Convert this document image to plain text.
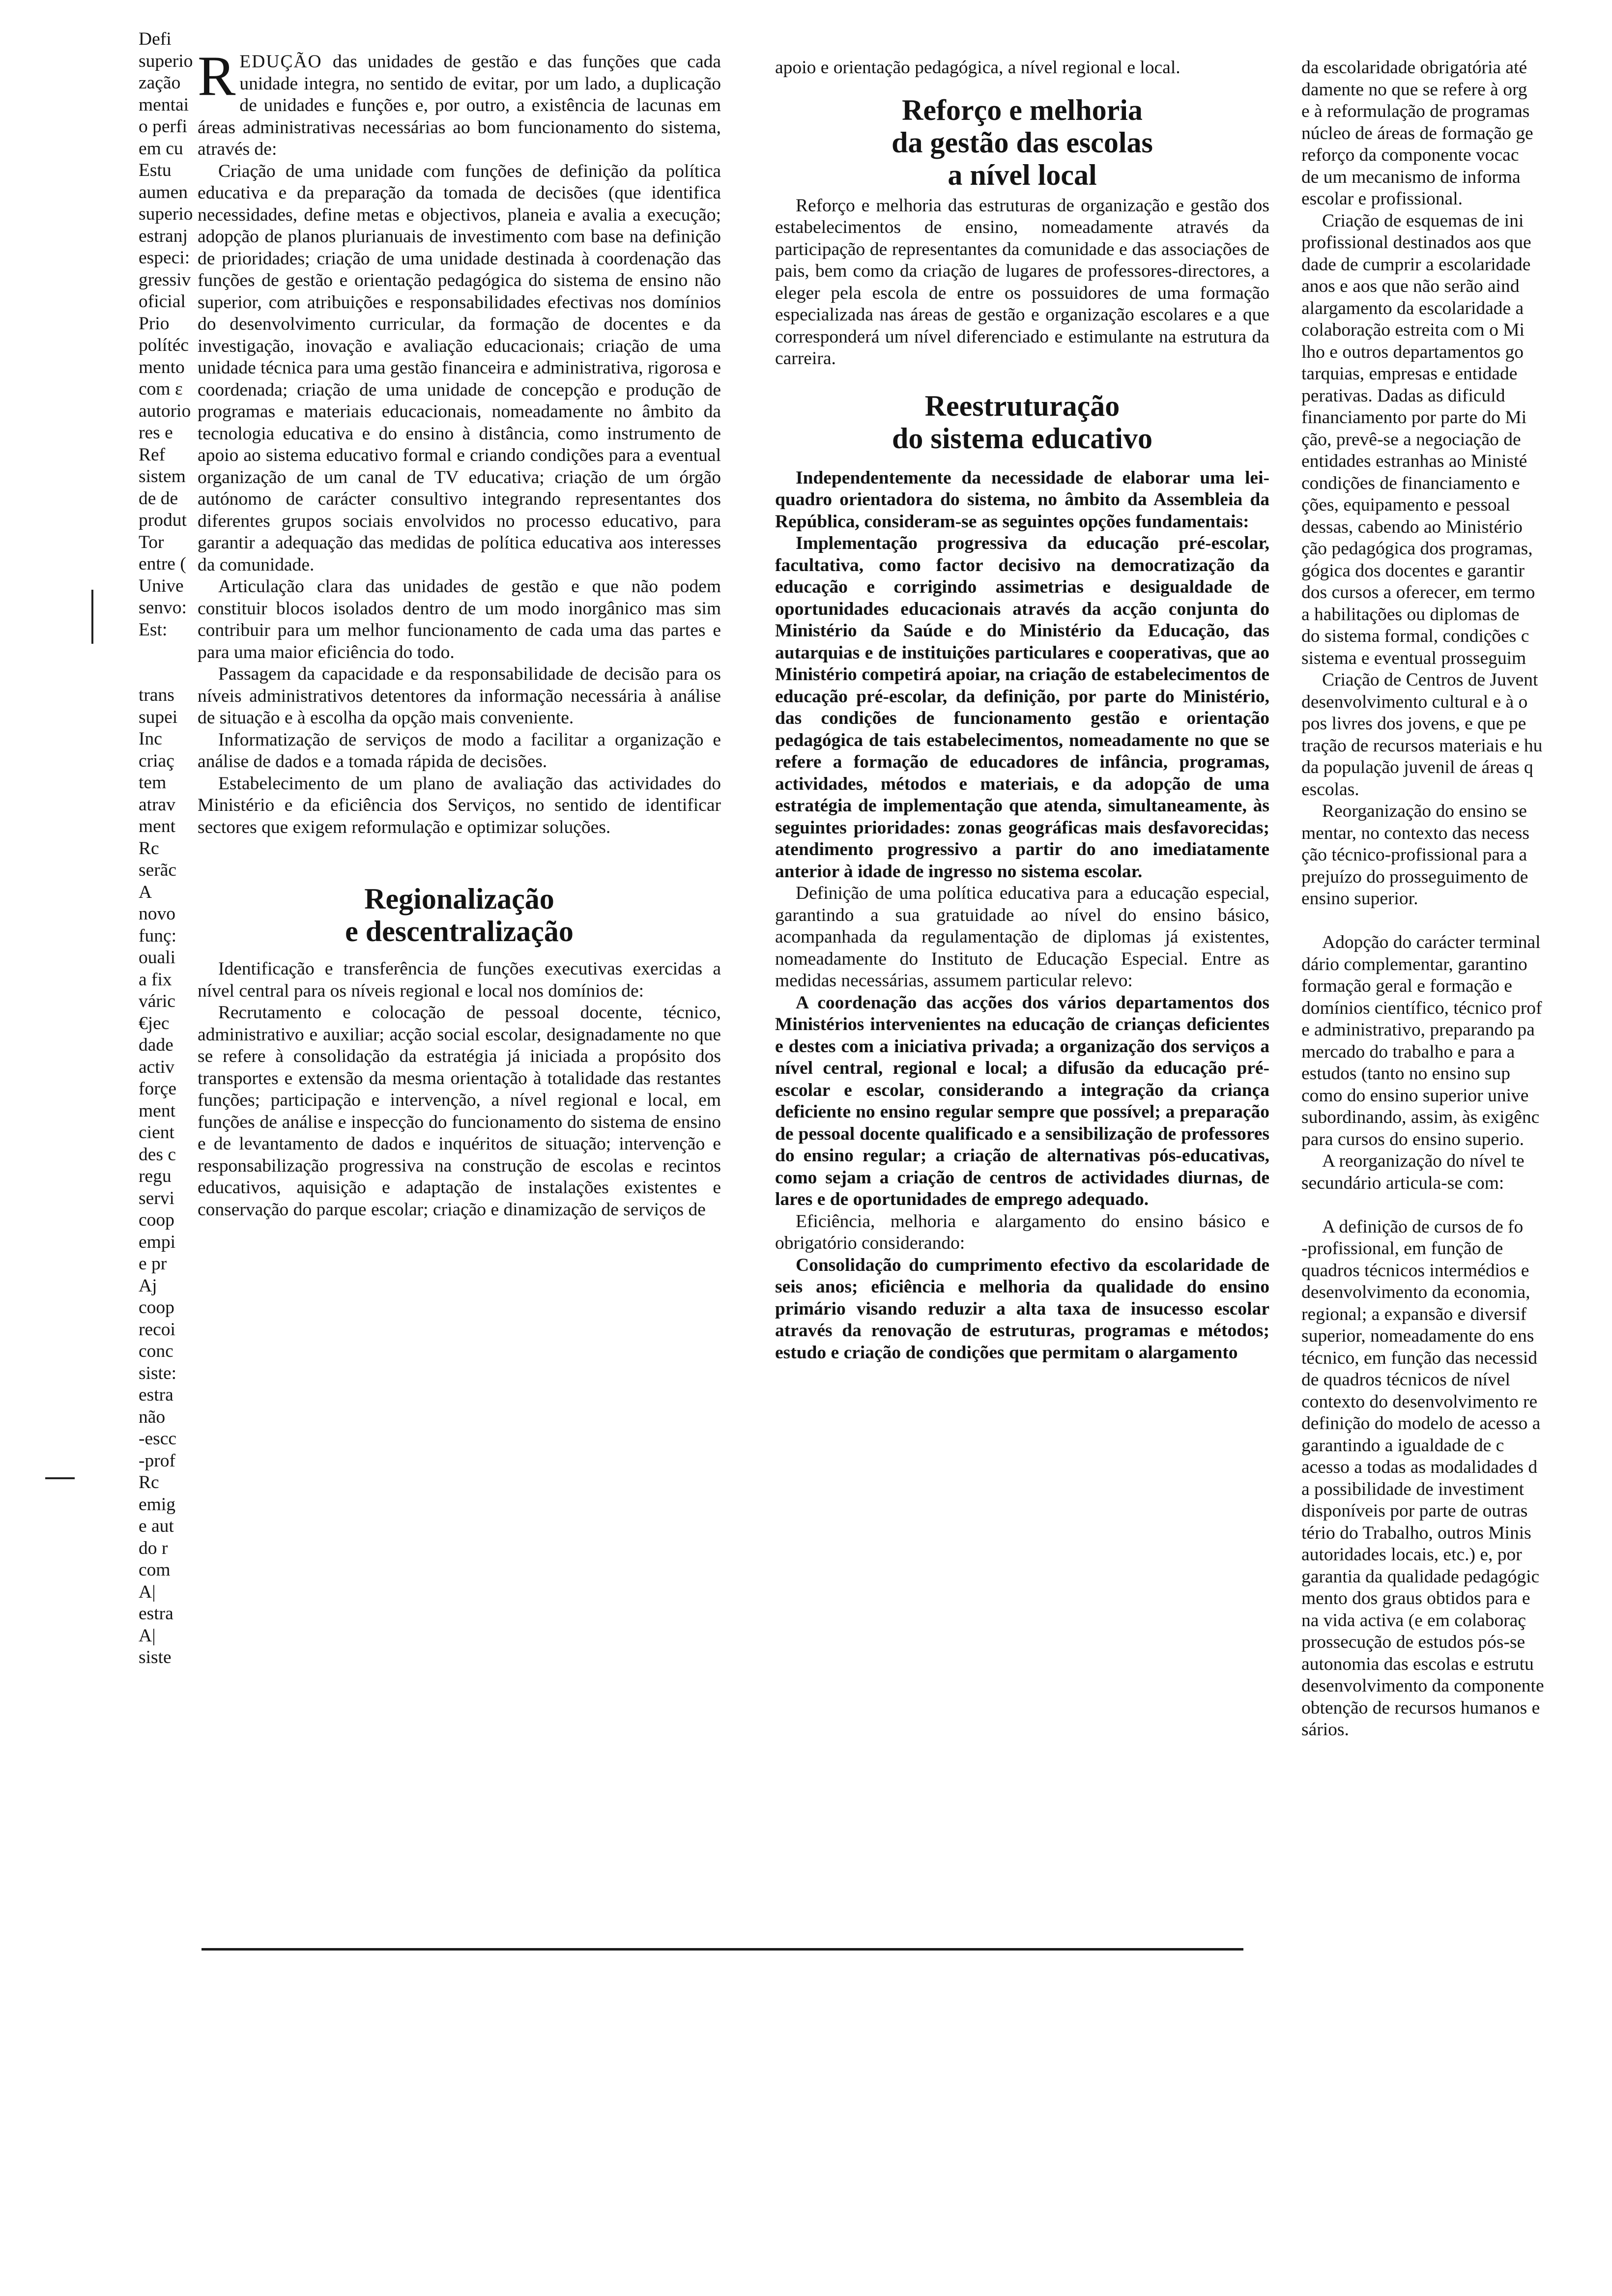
Defi
superio
zação
mentai
o perfi
em cu
Estu
aumen
superio
estranj
especi:
gressiv
oficial
Prio
polítéc
mento
com ε
autorio
res e
Ref
sistem
de de
produt
Tor
entre (
Unive
senvo:
Est:
trans
supei
Inc
criaç
tem
atrav
ment
Rc
serãc
A
novo
funç:
ouali
a fix
váric
€jec
dade
activ
forçe
ment
cient
des c
regu
servi
coop
empi
e pr
Aj
coop
recoi
conc
siste:
estra
não
-escc
-prof
Rc
emig
e aut
do r
com
A|
estra
A|
siste

REDUÇÃO das unidades de gestão e das funções que cada unidade integra, no sentido de evitar, por um lado, a duplicação de unidades e funções e, por outro, a existência de lacunas em áreas administrativas necessárias ao bom funcionamento do sistema, através de:

Criação de uma unidade com funções de definição da política educativa e da preparação da tomada de decisões (que identifica necessidades, define metas e objectivos, planeia e avalia a execução; adopção de planos plurianuais de investimento com base na definição de prioridades; criação de uma unidade destinada à coordenação das funções de gestão e orientação pedagógica do sistema de ensino não superior, com atribuições e responsabilidades efectivas nos domínios do desenvolvimento curricular, da formação de docentes e da investigação, inovação e avaliação educacionais; criação de uma unidade técnica para uma gestão financeira e administrativa, rigorosa e coordenada; criação de uma unidade de concepção e produção de programas e materiais educacionais, nomeadamente no âmbito da tecnologia educativa e do ensino à distância, como instrumento de apoio ao sistema educativo formal e criando condições para a eventual organização de um canal de TV educativa; criação de um órgão autónomo de carácter consultivo integrando representantes dos diferentes grupos sociais envolvidos no processo educativo, para garantir a adequação das medidas de política educativa aos interesses da comunidade.

Articulação clara das unidades de gestão e que não podem constituir blocos isolados dentro de um modo inorgânico mas sim contribuir para um melhor funcionamento de cada uma das partes e para uma maior eficiência do todo.

Passagem da capacidade e da responsabilidade de decisão para os níveis administrativos detentores da informação necessária à análise de situação e à escolha da opção mais conveniente.

Informatização de serviços de modo a facilitar a organização e análise de dados e a tomada rápida de decisões.

Estabelecimento de um plano de avaliação das actividades do Ministério e da eficiência dos Serviços, no sentido de identificar sectores que exigem reformulação e optimizar soluções.

Regionalização
e descentralização

Identificação e transferência de funções executivas exercidas a nível central para os níveis regional e local nos domínios de:

Recrutamento e colocação de pessoal docente, técnico, administrativo e auxiliar; acção social escolar, designadamente no que se refere à consolidação da estratégia já iniciada a propósito dos transportes e extensão da mesma orientação à totalidade das restantes funções; participação e intervenção, a nível regional e local, em funções de análise e inspecção do funcionamento do sistema de ensino e de levantamento de dados e inquéritos de situação; intervenção e responsabilização progressiva na construção de escolas e recintos educativos, aquisição e adaptação de instalações existentes e conservação do parque escolar; criação e dinamização de serviços de

apoio e orientação pedagógica, a nível regional e local.

Reforço e melhoria
da gestão das escolas
a nível local

Reforço e melhoria das estruturas de organização e gestão dos estabelecimentos de ensino, nomeadamente através da participação de representantes da comunidade e das associações de pais, bem como da criação de lugares de professores-directores, a eleger pela escola de entre os possuidores de uma formação especializada nas áreas de gestão e organização escolares e a que corresponderá um nível diferenciado e estimulante na estrutura da carreira.

Reestruturação
do sistema educativo

Independentemente da necessidade de elaborar uma lei-quadro orientadora do sistema, no âmbito da Assembleia da República, consideram-se as seguintes opções fundamentais:

Implementação progressiva da educação pré-escolar, facultativa, como factor decisivo na democratização da educação e corrigindo assimetrias e desigualdade de oportunidades educacionais através da acção conjunta do Ministério da Saúde e do Ministério da Educação, das autarquias e de instituições particulares e cooperativas, que ao Ministério competirá apoiar, na criação de estabelecimentos de educação pré-escolar, da definição, por parte do Ministério, das condições de funcionamento gestão e orientação pedagógica de tais estabelecimentos, nomeadamente no que se refere a formação de educadores de infância, programas, actividades, métodos e materiais, e da adopção de uma estratégia de implementação que atenda, simultaneamente, às seguintes prioridades: zonas geográficas mais desfavorecidas; atendimento progressivo a partir do ano imediatamente anterior à idade de ingresso no sistema escolar.

Definição de uma política educativa para a educação especial, garantindo a sua gratuidade ao nível do ensino básico, acompanhada da regulamentação de diplomas já existentes, nomeadamente do Instituto de Educação Especial. Entre as medidas necessárias, assumem particular relevo:

A coordenação das acções dos vários departamentos dos Ministérios intervenientes na educação de crianças deficientes e destes com a iniciativa privada; a organização dos serviços a nível central, regional e local; a difusão da educação pré-escolar e escolar, considerando a integração da criança deficiente no ensino regular sempre que possível; a preparação de pessoal docente qualificado e a sensibilização de professores do ensino regular; a criação de alternativas pós-educativas, como sejam a criação de centros de actividades diurnas, de lares e de oportunidades de emprego adequado.

Eficiência, melhoria e alargamento do ensino básico e obrigatório considerando:

Consolidação do cumprimento efectivo da escolaridade de seis anos; eficiência e melhoria da qualidade do ensino primário visando reduzir a alta taxa de insucesso escolar através da renovação de estruturas, programas e métodos; estudo e criação de condições que permitam o alargamento

da escolaridade obrigatória até

damente no que se refere à org

e à reformulação de programas

núcleo de áreas de formação ge

reforço da componente vocac

de um mecanismo de informa

escolar e profissional.

Criação de esquemas de ini

profissional destinados aos que

dade de cumprir a escolaridade

anos e aos que não serão aind

alargamento da escolaridade a

colaboração estreita com o Mi

lho e outros departamentos go

tarquias, empresas e entidade

perativas. Dadas as dificuld

financiamento por parte do Mi

ção, prevê-se a negociação de

entidades estranhas ao Ministé

condições de financiamento e

ções, equipamento e pessoal

dessas, cabendo ao Ministério

ção pedagógica dos programas,

gógica dos docentes e garantir

dos cursos a oferecer, em termo

a habilitações ou diplomas de

do sistema formal, condições c

sistema e eventual prosseguim

Criação de Centros de Juvent

desenvolvimento cultural e à o

pos livres dos jovens, e que pe

tração de recursos materiais e hu

da população juvenil de áreas q

escolas.

Reorganização do ensino se

mentar, no contexto das necess

ção técnico-profissional para a

prejuízo do prosseguimento de

ensino superior.

Adopção do carácter terminal

dário complementar, garantino

formação geral e formação e

domínios científico, técnico prof

e administrativo, preparando pa

mercado do trabalho e para a

estudos (tanto no ensino sup

como do ensino superior unive

subordinando, assim, às exigênc

para cursos do ensino superio.

A reorganização do nível te

secundário articula-se com:

A definição de cursos de fo

-profissional, em função de

quadros técnicos intermédios e

desenvolvimento da economia,

regional; a expansão e diversif

superior, nomeadamente do ens

técnico, em função das necessid

de quadros técnicos de nível

contexto do desenvolvimento re

definição do modelo de acesso a

garantindo a igualdade de c

acesso a todas as modalidades d

a possibilidade de investiment

disponíveis por parte de outras

tério do Trabalho, outros Minis

autoridades locais, etc.) e, por

garantia da qualidade pedagógic

mento dos graus obtidos para e

na vida activa (e em colaboraç

prossecução de estudos pós-se

autonomia das escolas e estrutu

desenvolvimento da componente

obtenção de recursos humanos e

sários.
